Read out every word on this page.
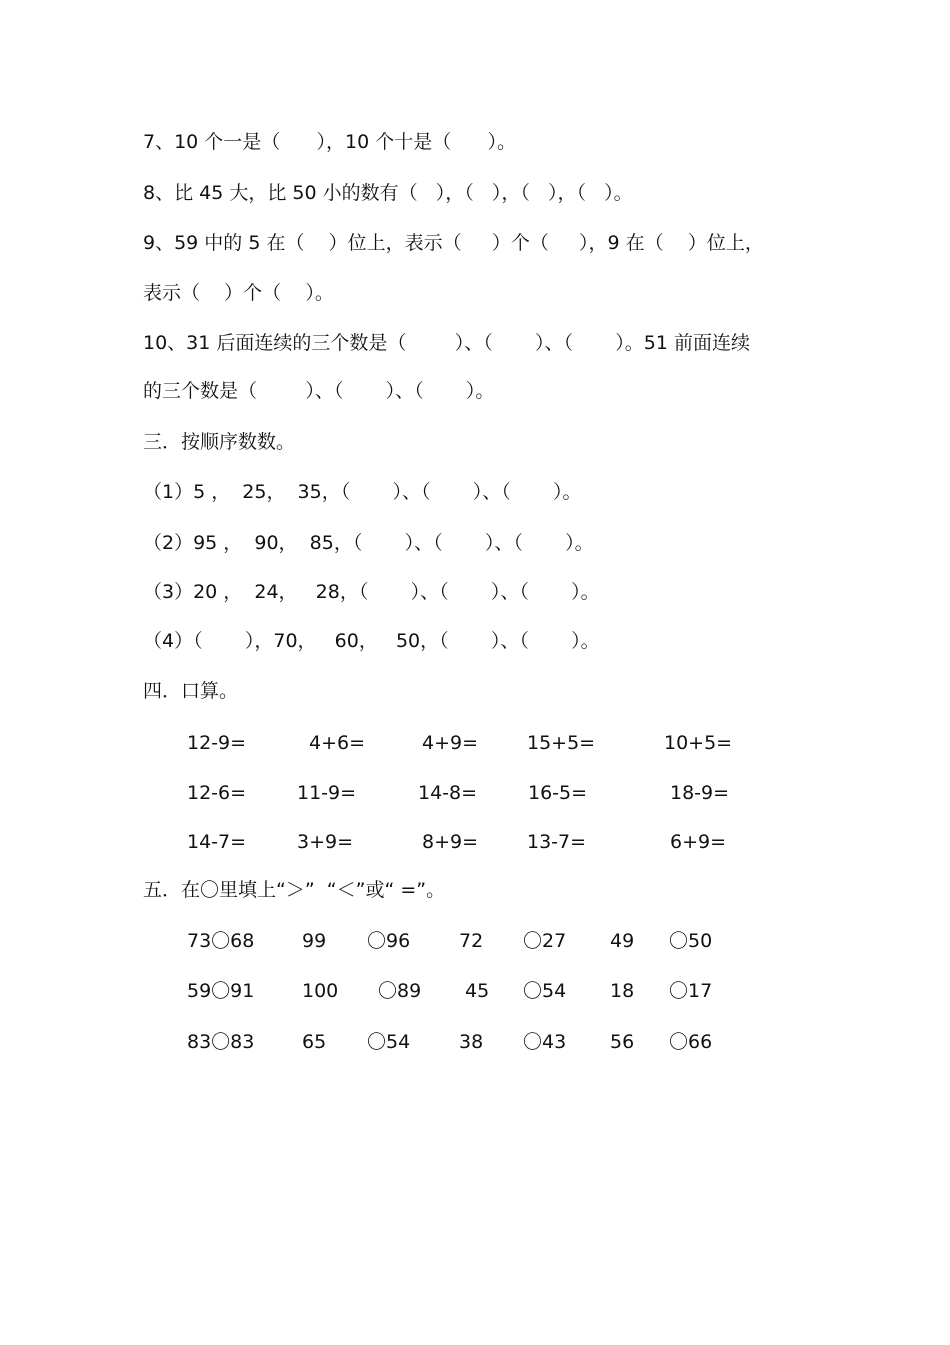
7、10 个一是（      ），10 个十是（      ）。
8、比 45 大，比 50 小的数有（   ），（   ），（   ），（   ）。
9、59 中的 5 在（    ）位上，表示（     ）个（     ），9 在（    ）位上，
表示（    ）个（    ）。
10、31 后面连续的三个数是（        ）、（       ）、（       ）。51 前面连续
的三个数是（        ）、（       ）、（       ）。
三．按顺序数数。
（1）5 ，  25，  35，（       ）、（       ）、（       ）。
（2）95 ，  90，  85，（       ）、（       ）、（       ）。
（3）20 ，  24，   28，（       ）、（       ）、（       ）。
（4）（       ），70，   60，   50，（       ）、（       ）。
四．口算。
12-9=	4+6=	4+9=	15+5=	10+5=
12-6=	11-9=	14-8=	16-5=	18-9=
14-7=	3+9=	8+9=	13-7=	6+9=
五．在〇里填上“＞”  “＜”或“ =”。
73〇68	99 〇96	72 〇27 49 〇50
59〇91	100 〇89 45 〇54 18 〇17
83〇83	65 〇54	38 〇43 56 〇66
